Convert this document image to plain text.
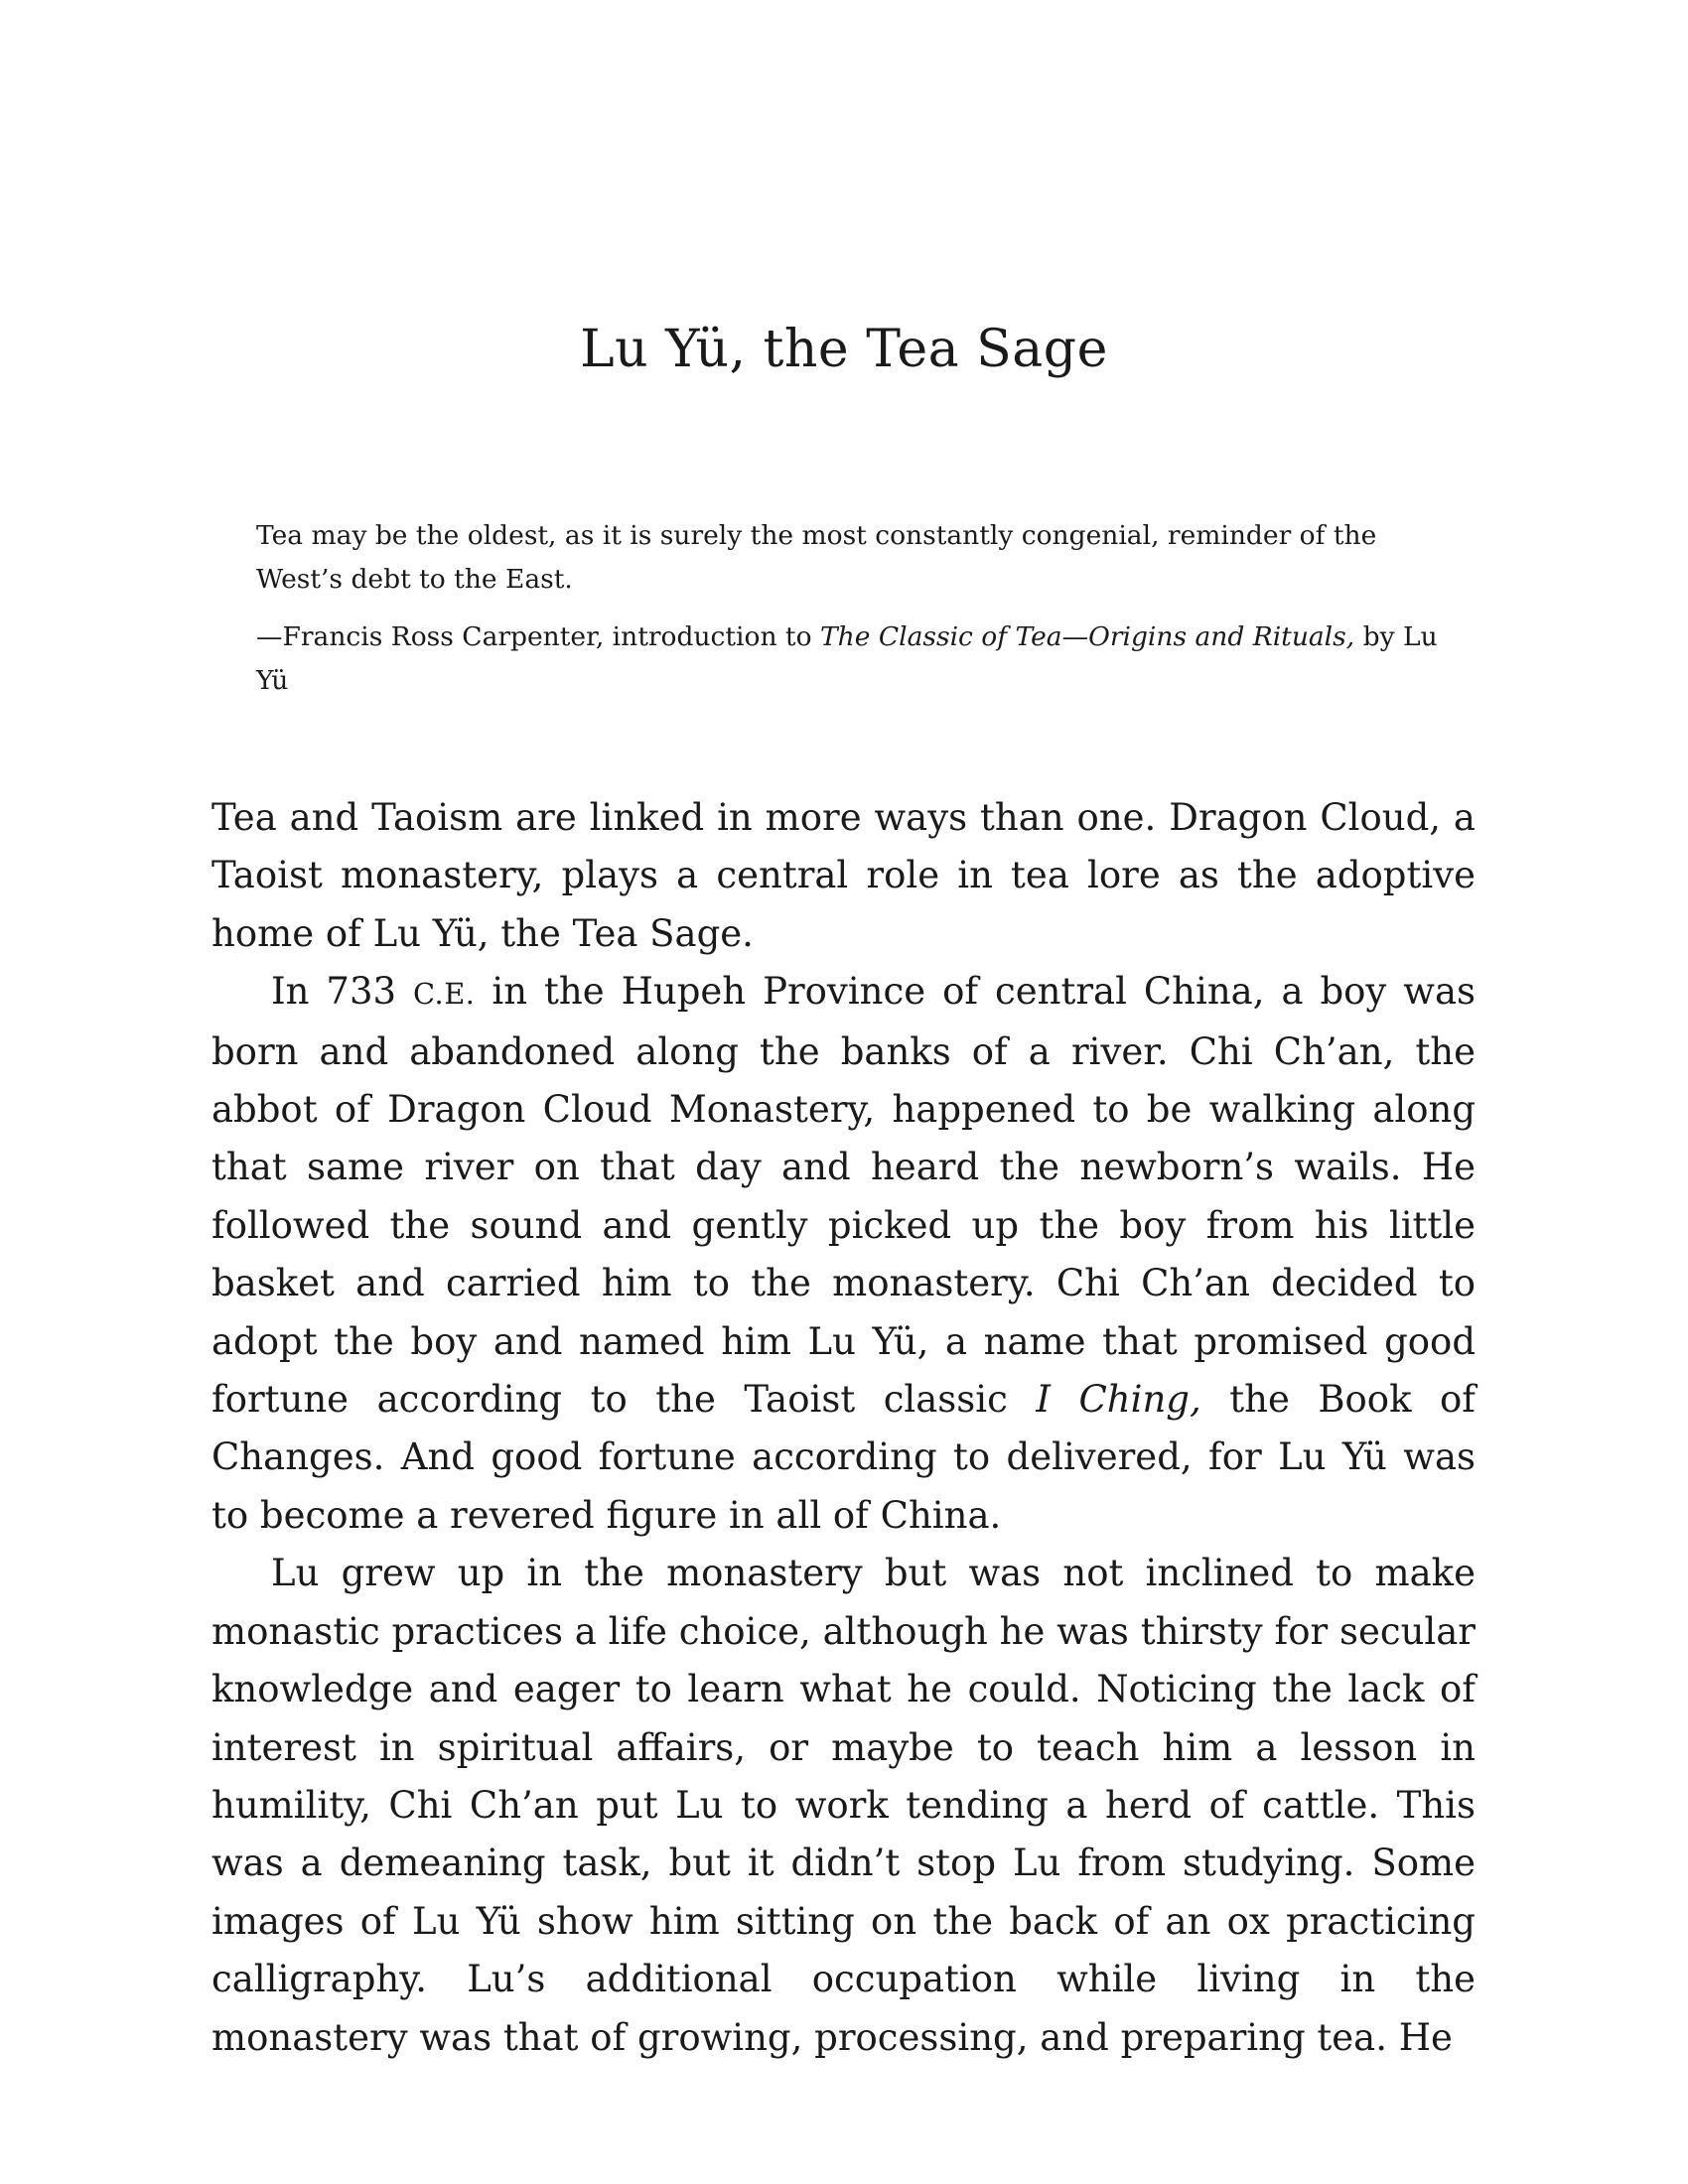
Lu Yü, the Tea Sage

Tea may be the oldest, as it is surely the most constantly congenial, reminder of the West’s debt to the East.

—Francis Ross Carpenter, introduction to The Classic of Tea—Origins and Rituals, by Lu Yü

Tea and Taoism are linked in more ways than one. Dragon Cloud, a Taoist monastery, plays a central role in tea lore as the adoptive home of Lu Yü, the Tea Sage.

In 733 C.E. in the Hupeh Province of central China, a boy was born and abandoned along the banks of a river. Chi Ch’an, the abbot of Dragon Cloud Monastery, happened to be walking along that same river on that day and heard the newborn’s wails. He followed the sound and gently picked up the boy from his little basket and carried him to the monastery. Chi Ch’an decided to adopt the boy and named him Lu Yü, a name that promised good fortune according to the Taoist classic I Ching, the Book of Changes. And good fortune according to delivered, for Lu Yü was to become a revered figure in all of China.

Lu grew up in the monastery but was not inclined to make monastic practices a life choice, although he was thirsty for secular knowledge and eager to learn what he could. Noticing the lack of interest in spiritual affairs, or maybe to teach him a lesson in humility, Chi Ch’an put Lu to work tending a herd of cattle. This was a demeaning task, but it didn’t stop Lu from studying. Some images of Lu Yü show him sitting on the back of an ox practicing calligraphy. Lu’s additional occupation while living in the monastery was that of growing, processing, and preparing tea. He
